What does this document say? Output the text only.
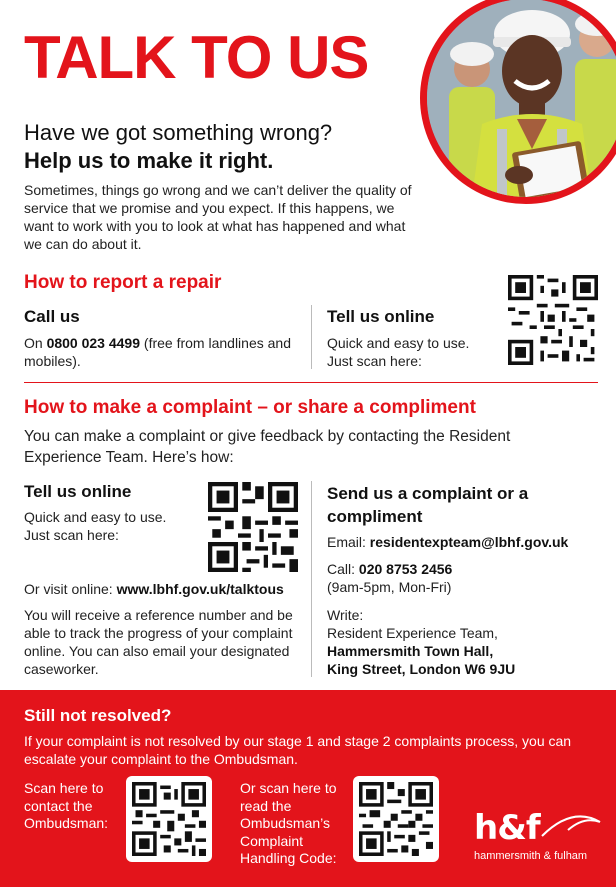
TALK TO US
Have we got something wrong?
Help us to make it right.
Sometimes, things go wrong and we can’t deliver the quality of service that we promise and you expect. If this happens, we want to work with you to look at what has happened and what we can do about it.
How to report a repair
Call us
On 0800 023 4499 (free from landlines and mobiles).
Tell us online
Quick and easy to use. Just scan here:
How to make a complaint – or share a compliment
You can make a complaint or give feedback by contacting the Resident Experience Team. Here’s how:
Tell us online
Quick and easy to use. Just scan here:
Or visit online: www.lbhf.gov.uk/talktous
You will receive a reference number and be able to track the progress of your complaint online. You can also email your designated caseworker.
Send us a complaint or a compliment
Email: residentexpteam@lbhf.gov.uk
Call: 020 8753 2456
(9am-5pm, Mon-Fri)
Write:
Resident Experience Team,
Hammersmith Town Hall,
King Street, London W6 9JU
Still not resolved?
If your complaint is not resolved by our stage 1 and stage 2 complaints process, you can escalate your complaint to the Ombudsman.
Scan here to contact the Ombudsman:
Or scan here to read the Ombudsman’s Complaint Handling Code:
h&f
hammersmith & fulham
